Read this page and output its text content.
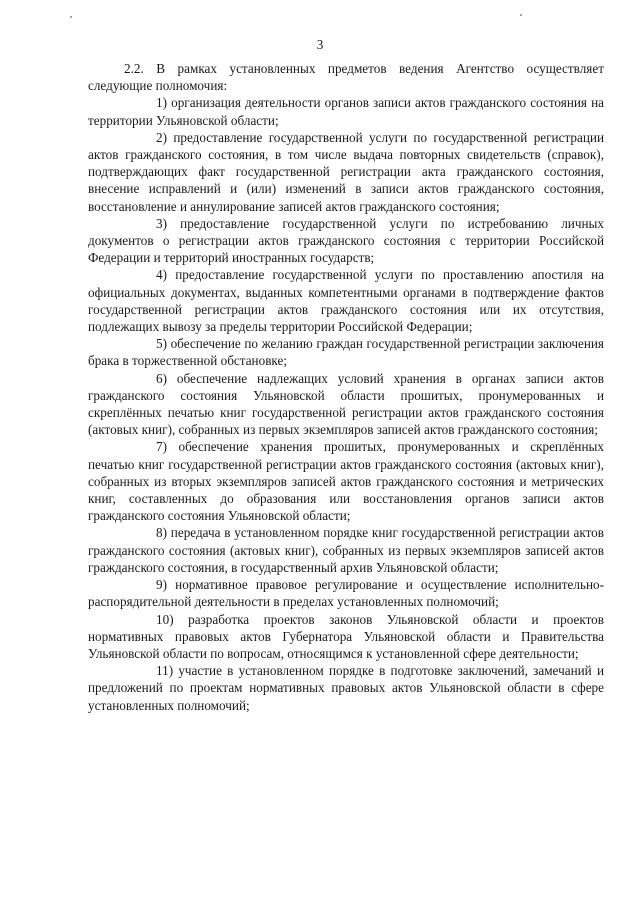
3

2.2. В рамках установленных предметов ведения Агентство осуществляет следующие полномочия:

1) организация деятельности органов записи актов гражданского состояния на территории Ульяновской области;

2) предоставление государственной услуги по государственной регистрации актов гражданского состояния, в том числе выдача повторных свидетельств (справок), подтверждающих факт государственной регистрации акта гражданского состояния, внесение исправлений и (или) изменений в записи актов гражданского состояния, восстановление и аннулирование записей актов гражданского состояния;

3) предоставление государственной услуги по истребованию личных документов о регистрации актов гражданского состояния с территории Российской Федерации и территорий иностранных государств;

4) предоставление государственной услуги по проставлению апостиля на официальных документах, выданных компетентными органами в подтверждение фактов государственной регистрации актов гражданского состояния или их отсутствия, подлежащих вывозу за пределы территории Российской Федерации;

5) обеспечение по желанию граждан государственной регистрации заключения брака в торжественной обстановке;

6) обеспечение надлежащих условий хранения в органах записи актов гражданского состояния Ульяновской области прошитых, пронумерованных и скреплённых печатью книг государственной регистрации актов гражданского состояния (актовых книг), собранных из первых экземпляров записей актов гражданского состояния;

7) обеспечение хранения прошитых, пронумерованных и скреплённых печатью книг государственной регистрации актов гражданского состояния (актовых книг), собранных из вторых экземпляров записей актов гражданского состояния и метрических книг, составленных до образования или восстановления органов записи актов гражданского состояния Ульяновской области;

8) передача в установленном порядке книг государственной регистрации актов гражданского состояния (актовых книг), собранных из первых экземпляров записей актов гражданского состояния, в государственный архив Ульяновской области;

9) нормативное правовое регулирование и осуществление исполнительно-распорядительной деятельности в пределах установленных полномочий;

10) разработка проектов законов Ульяновской области и проектов нормативных правовых актов Губернатора Ульяновской области и Правительства Ульяновской области по вопросам, относящимся к установленной сфере деятельности;

11) участие в установленном порядке в подготовке заключений, замечаний и предложений по проектам нормативных правовых актов Ульяновской области в сфере установленных полномочий;
